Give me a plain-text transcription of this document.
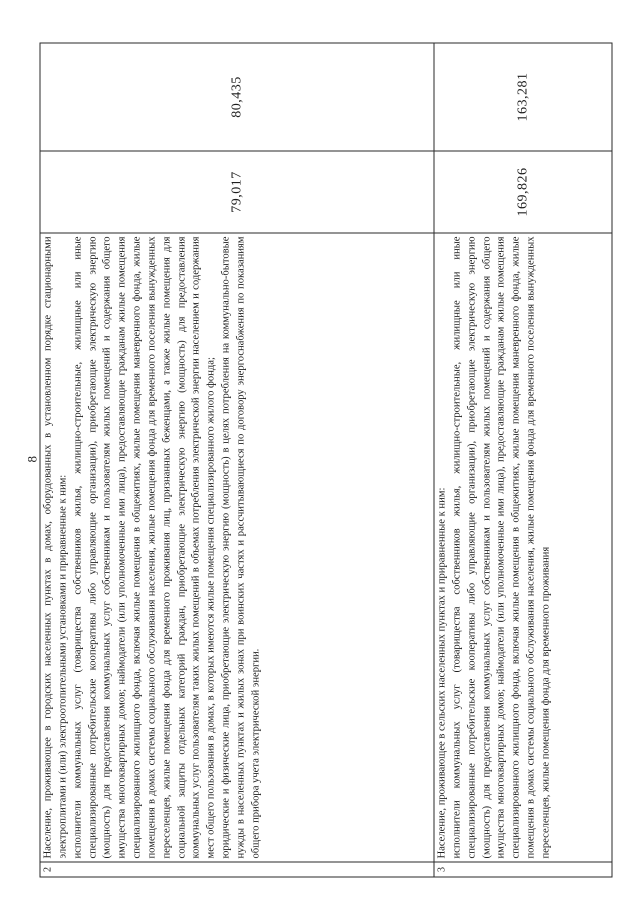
8
2	Население, проживающее в городских населенных пунктах в домах, оборудованных в установленном порядке стационарными электроплитами и (или) электроотопительными установками и приравненные к ним: исполнители коммунальных услуг (товарищества собственников жилья, жилищно-строительные, жилищные или иные специализированные потребительские кооперативы либо управляющие организации), приобретающие электрическую энергию (мощность) для предоставления коммунальных услуг собственникам и пользователям жилых помещений и содержания общего имущества многоквартирных домов; наймодатели (или уполномоченные ими лица), предоставляющие гражданам жилые помещения специализированного жилищного фонда, включая жилые помещения в общежитиях, жилые помещения маневренного фонда, жилые помещения в домах системы социального обслуживания населения, жилые помещения фонда для временного поселения вынужденных переселенцев, жилые помещения фонда для временного проживания лиц, признанных беженцами, а также жилые помещения для социальной защиты отдельных категорий граждан, приобретающие электрическую энергию (мощность) для предоставления коммунальных услуг пользователям таких жилых помещений в объемах потребления электрической энергии населением и содержания мест общего пользования в домах, в которых имеются жилые помещения специализированного жилого фонда; юридические и физические лица, приобретающие электрическую энергию (мощность) в целях потребления на коммунально-бытовые нужды в населенных пунктах и жилых зонах при воинских частях и рассчитывающиеся по договору энергоснабжения по показаниям общего прибора учета электрической энергии.	79,017	80,435
3	Население, проживающее в сельских населенных пунктах и приравненные к ним: исполнители коммунальных услуг (товарищества собственников жилья, жилищно-строительные, жилищные или иные специализированные потребительские кооперативы либо управляющие организации), приобретающие электрическую энергию (мощность) для предоставления коммунальных услуг собственникам и пользователям жилых помещений и содержания общего имущества многоквартирных домов; наймодатели (или уполномоченные ими лица), предоставляющие гражданам жилые помещения специализированного жилищного фонда, включая жилые помещения в общежитиях, жилые помещения маневренного фонда, жилые помещения в домах системы социального обслуживания населения, жилые помещения фонда для временного поселения вынужденных переселенцев, жилые помещения фонда для временного проживания	169,826	163,281
